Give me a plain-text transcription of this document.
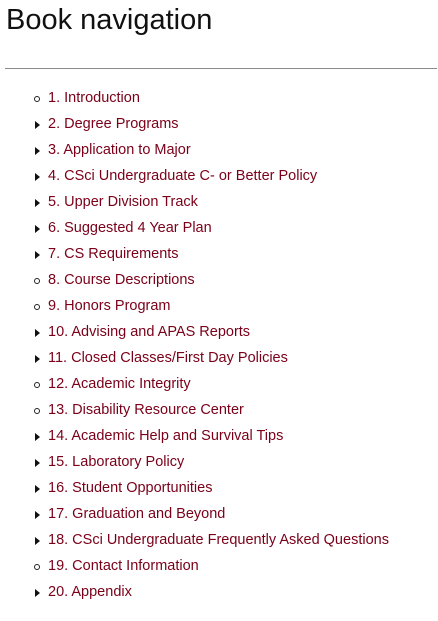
Book navigation
1. Introduction
2. Degree Programs
3. Application to Major
4. CSci Undergraduate C- or Better Policy
5. Upper Division Track
6. Suggested 4 Year Plan
7. CS Requirements
8. Course Descriptions
9. Honors Program
10. Advising and APAS Reports
11. Closed Classes/First Day Policies
12. Academic Integrity
13. Disability Resource Center
14. Academic Help and Survival Tips
15. Laboratory Policy
16. Student Opportunities
17. Graduation and Beyond
18. CSci Undergraduate Frequently Asked Questions
19. Contact Information
20. Appendix
